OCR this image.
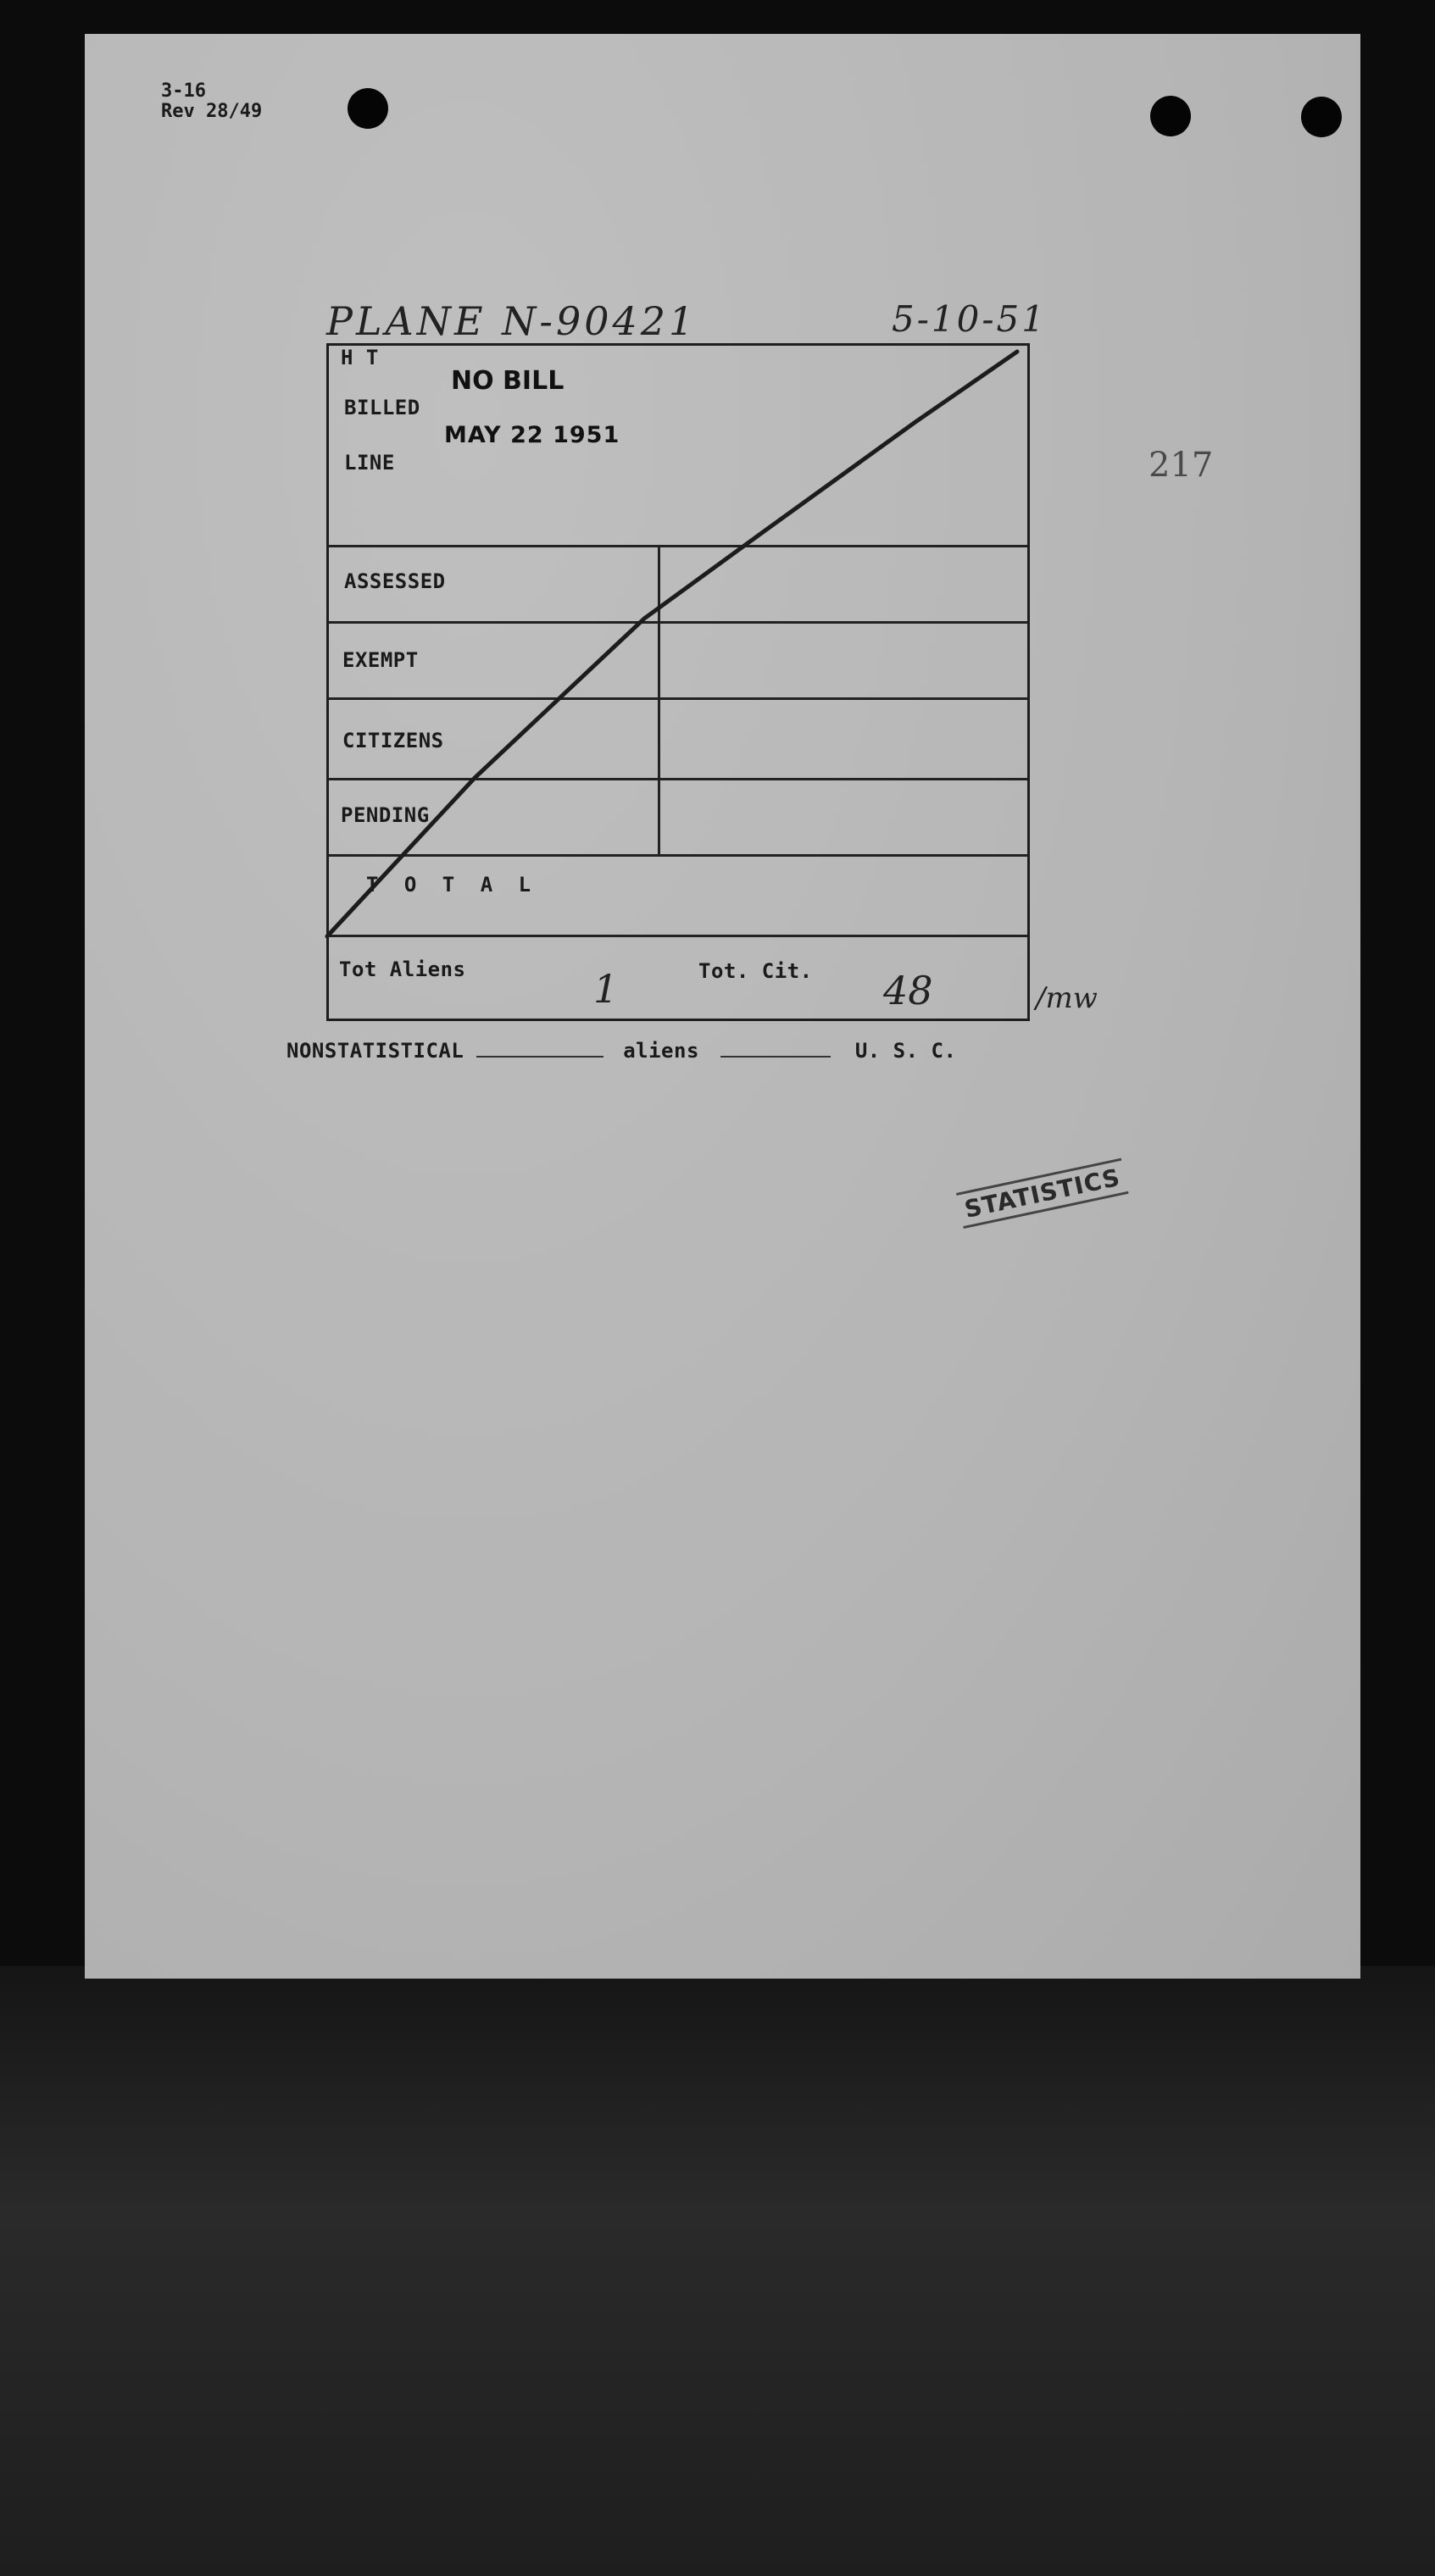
3-16
Rev 28/49
PLANE N-90421	5-10-51
217
H T
BILLED
LINE
NO BILL
MAY 22 1951
ASSESSED
EXEMPT
CITIZENS
PENDING
T O T A L
Tot Aliens	1	Tot. Cit. 48	/mw
NONSTATISTICAL	aliens	U. S. C.
STATISTICS
